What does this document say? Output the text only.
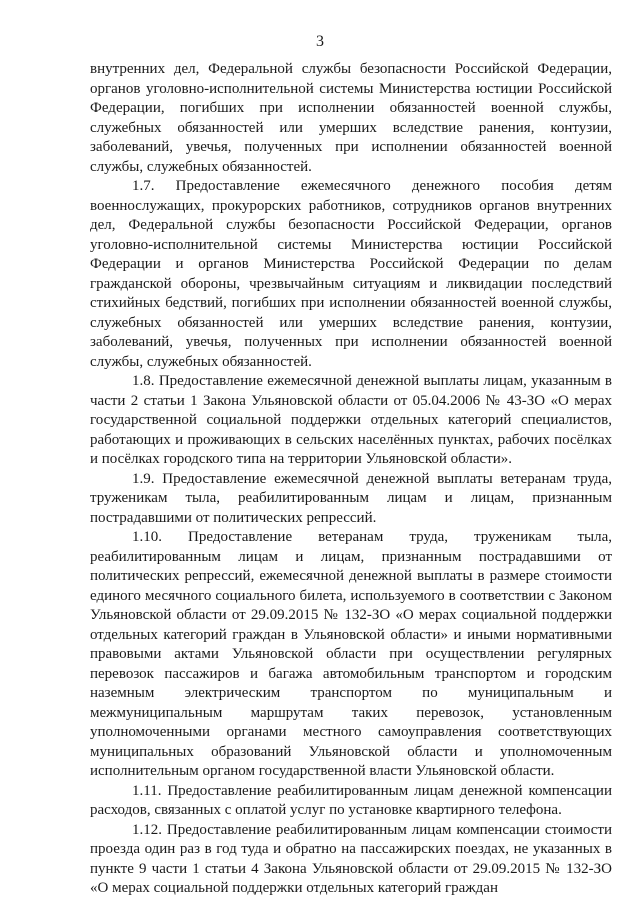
3

внутренних дел, Федеральной службы безопасности Российской Федерации, органов уголовно-исполнительной системы Министерства юстиции Российской Федерации, погибших при исполнении обязанностей военной службы, служебных обязанностей или умерших вследствие ранения, контузии, заболеваний, увечья, полученных при исполнении обязанностей военной службы, служебных обязанностей.

1.7. Предоставление ежемесячного денежного пособия детям военнослужащих, прокурорских работников, сотрудников органов внутренних дел, Федеральной службы безопасности Российской Федерации, органов уголовно-исполнительной системы Министерства юстиции Российской Федерации и органов Министерства Российской Федерации по делам гражданской обороны, чрезвычайным ситуациям и ликвидации последствий стихийных бедствий, погибших при исполнении обязанностей военной службы, служебных обязанностей или умерших вследствие ранения, контузии, заболеваний, увечья, полученных при исполнении обязанностей военной службы, служебных обязанностей.

1.8. Предоставление ежемесячной денежной выплаты лицам, указанным в части 2 статьи 1 Закона Ульяновской области от 05.04.2006 № 43-ЗО «О мерах государственной социальной поддержки отдельных категорий специалистов, работающих и проживающих в сельских населённых пунктах, рабочих посёлках и посёлках городского типа на территории Ульяновской области».

1.9. Предоставление ежемесячной денежной выплаты ветеранам труда, труженикам тыла, реабилитированным лицам и лицам, признанным пострадавшими от политических репрессий.

1.10. Предоставление ветеранам труда, труженикам тыла, реабилитированным лицам и лицам, признанным пострадавшими от политических репрессий, ежемесячной денежной выплаты в размере стоимости единого месячного социального билета, используемого в соответствии с Законом Ульяновской области от 29.09.2015 № 132-ЗО «О мерах социальной поддержки отдельных категорий граждан в Ульяновской области» и иными нормативными правовыми актами Ульяновской области при осуществлении регулярных перевозок пассажиров и багажа автомобильным транспортом и городским наземным электрическим транспортом по муниципальным и межмуниципальным маршрутам таких перевозок, установленным уполномоченными органами местного самоуправления соответствующих муниципальных образований Ульяновской области и уполномоченным исполнительным органом государственной власти Ульяновской области.

1.11. Предоставление реабилитированным лицам денежной компенсации расходов, связанных с оплатой услуг по установке квартирного телефона.

1.12. Предоставление реабилитированным лицам компенсации стоимости проезда один раз в год туда и обратно на пассажирских поездах, не указанных в пункте 9 части 1 статьи 4 Закона Ульяновской области от 29.09.2015 № 132-ЗО «О мерах социальной поддержки отдельных категорий граждан
